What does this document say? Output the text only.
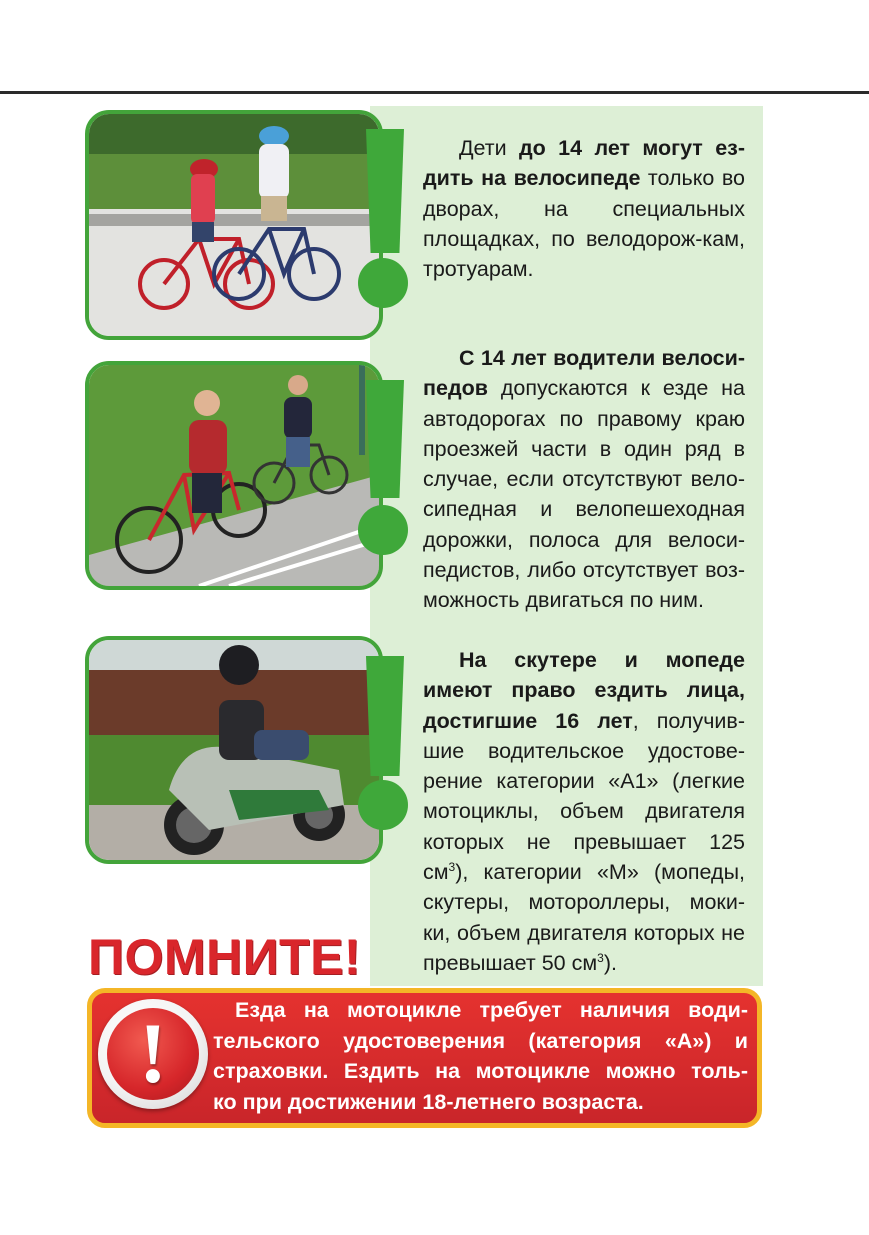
Дети до 14 лет могут ез-дить на велосипеде только во дворах, на специальных площадках, по велодорож-кам, тротуарам.
С 14 лет водители велоси-педов допускаются к езде на автодорогах по правому краю проезжей части в один ряд в случае, если отсутствуют вело-сипедная и велопешеходная дорожки, полоса для велоси-педистов, либо отсутствует воз-можность двигаться по ним.
На скутере и мопеде имеют право ездить лица, достигшие 16 лет, получив-шие водительское удостове-рение категории «А1» (легкие мотоциклы, объем двигателя которых не превышает 125 $см^3$), категории «М» (мопеды, скутеры, мотороллеры, моки-ки, объем двигателя которых не превышает 50 $см^3$).
ПОМНИТЕ!
!	Езда на мотоцикле требует наличия води-
тельского удостоверения (категория «А») и
страховки. Ездить на мотоцикле можно толь-
ко при достижении 18-летнего возраста.
